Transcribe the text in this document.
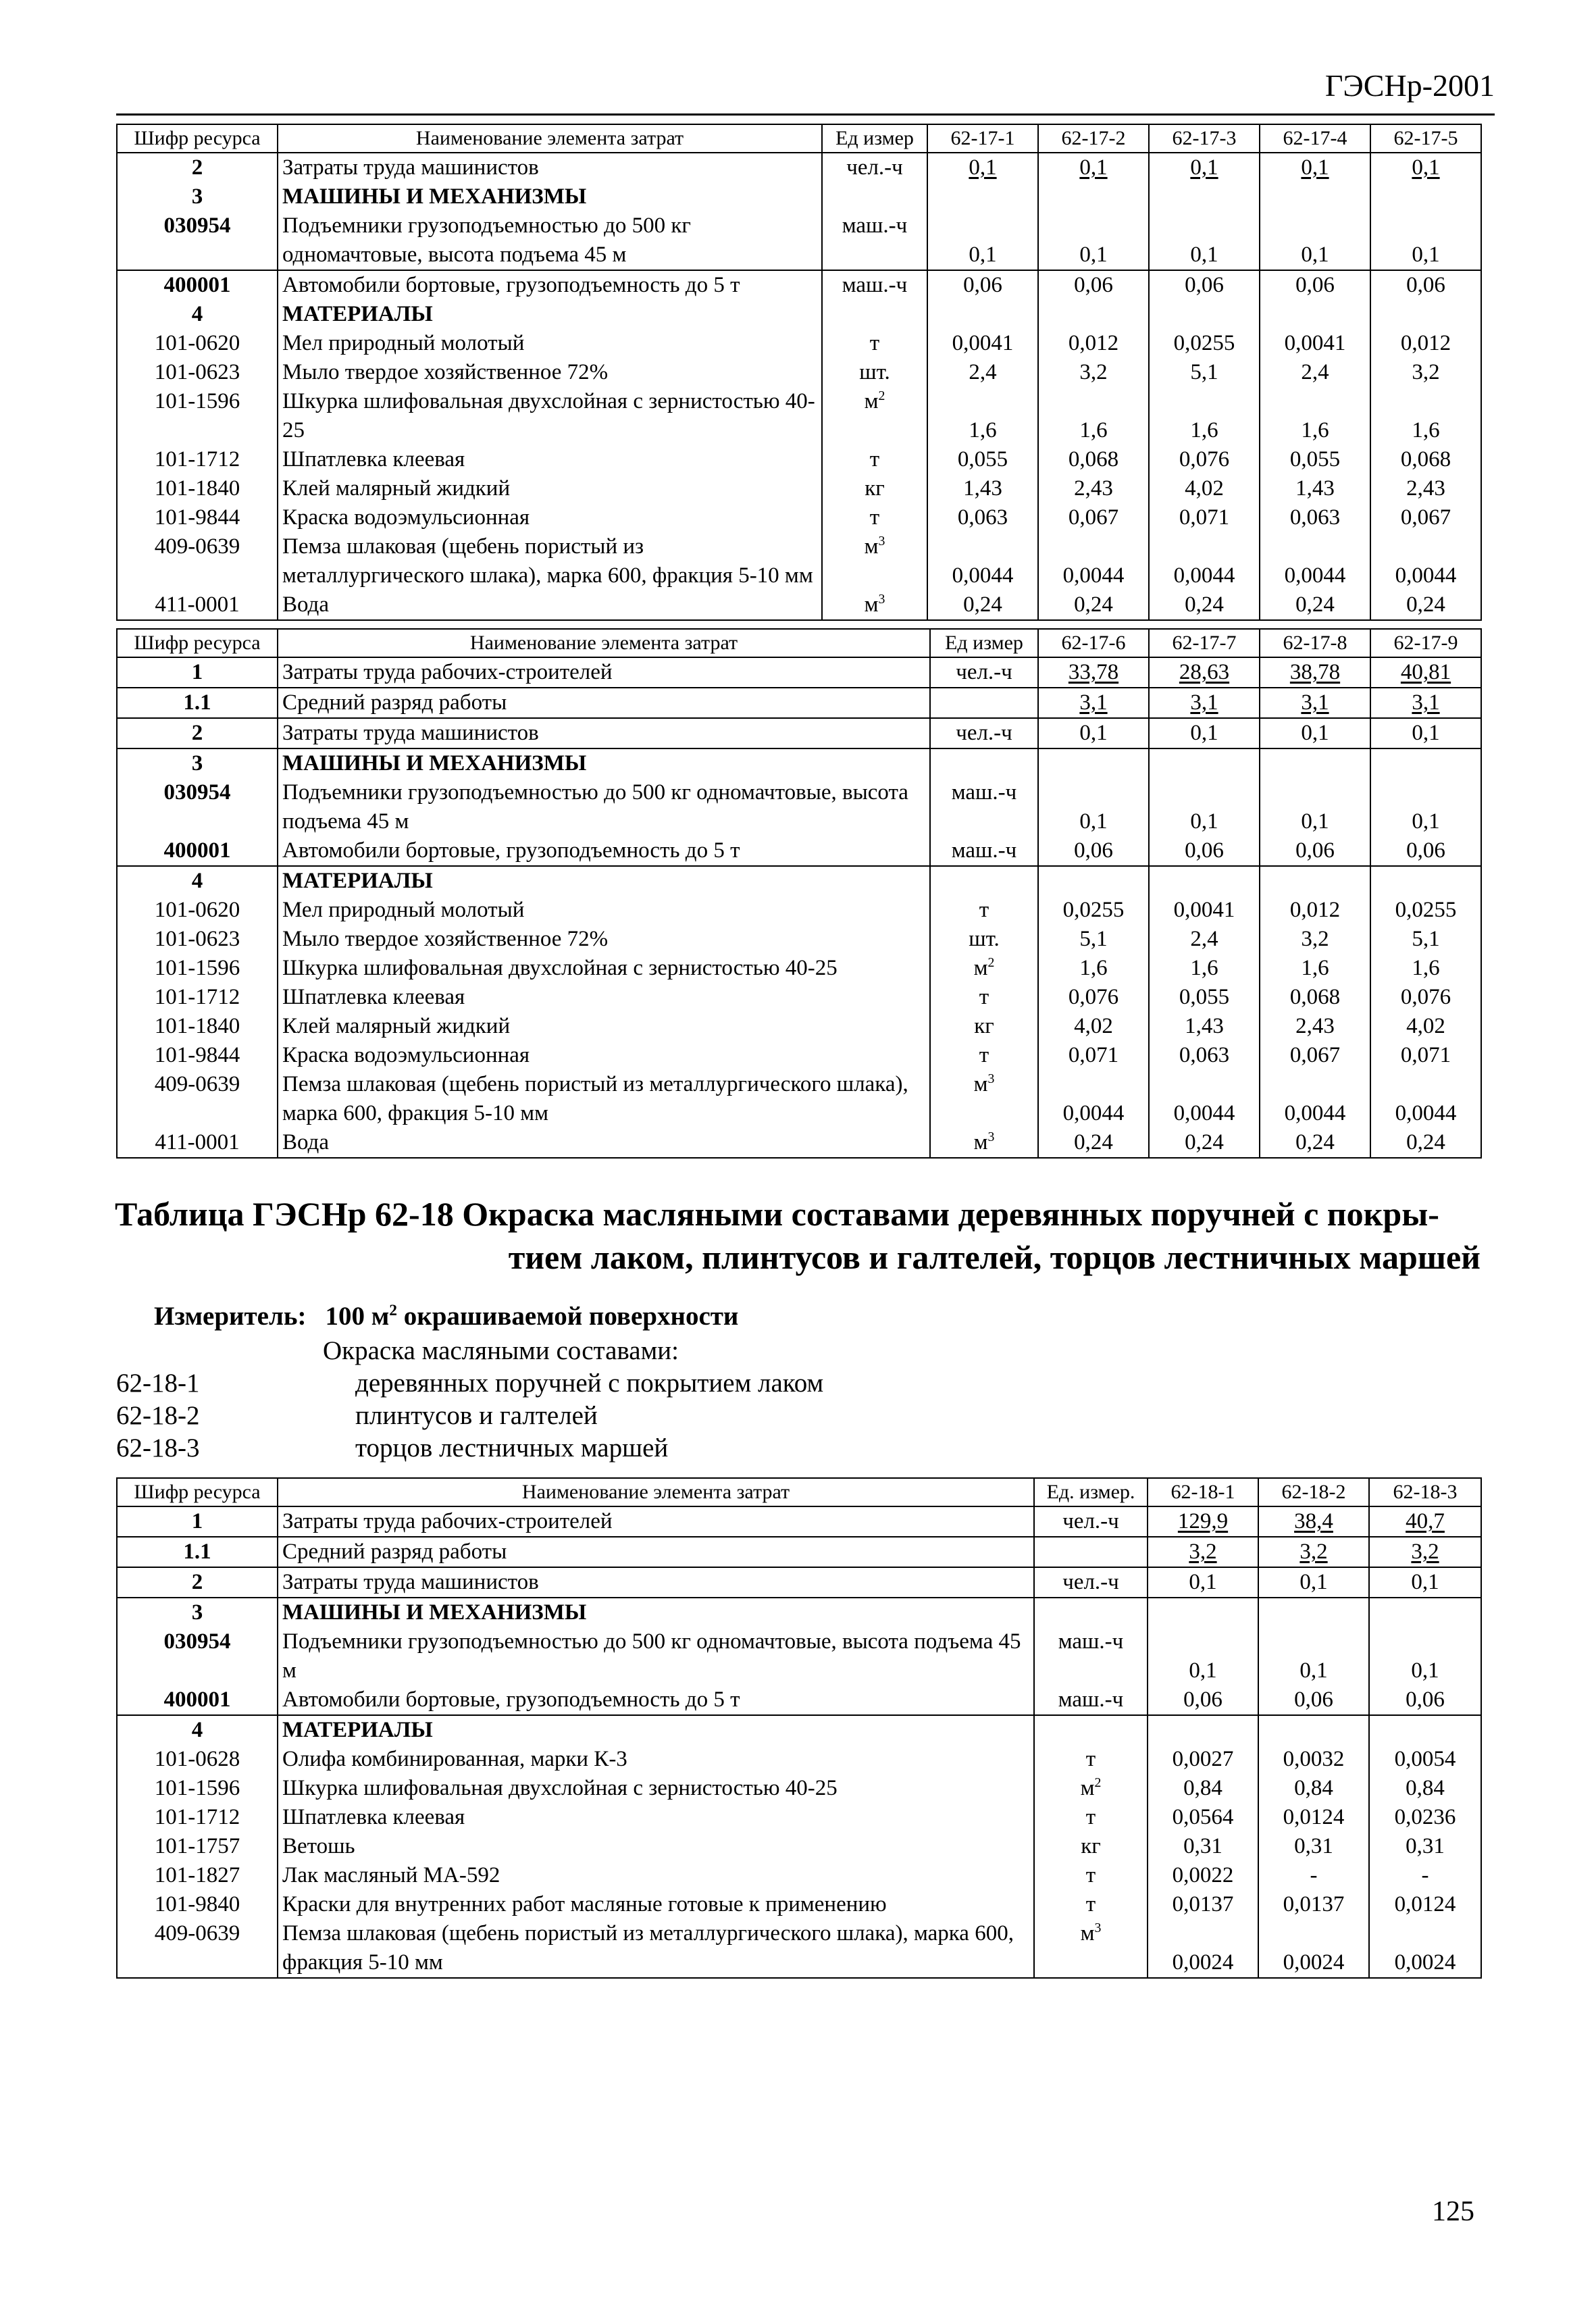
ГЭСНр-2001
Шифр ресурса	Наименование элемента затрат	Ед измер	62-17-1	62-17-2	62-17-3	62-17-4	62-17-5
2	Затраты труда машинистов	чел.-ч	0,1	0,1	0,1	0,1	0,1
3	МАШИНЫ И МЕХАНИЗМЫ						
030954	Подъемники грузоподъемностью до 500 кг одномачтовые, высота подъема 45 м	маш.-ч	0,1	0,1	0,1	0,1	0,1
400001	Автомобили бортовые, грузоподъемность до 5 т	маш.-ч	0,06	0,06	0,06	0,06	0,06
4	МАТЕРИАЛЫ						
101-0620	Мел природный молотый	т	0,0041	0,012	0,0255	0,0041	0,012
101-0623	Мыло твердое хозяйственное 72%	шт.	2,4	3,2	5,1	2,4	3,2
101-1596	Шкурка шлифовальная двухслойная с зернистостью 40-25	$м^2$	1,6	1,6	1,6	1,6	1,6
101-1712	Шпатлевка клеевая	т	0,055	0,068	0,076	0,055	0,068
101-1840	Клей малярный жидкий	кг	1,43	2,43	4,02	1,43	2,43
101-9844	Краска водоэмульсионная	т	0,063	0,067	0,071	0,063	0,067
409-0639	Пемза шлаковая (щебень пористый из металлургического шлака), марка 600, фракция 5-10 мм	$м^3$	0,0044	0,0044	0,0044	0,0044	0,0044
411-0001	Вода	$м^3$	0,24	0,24	0,24	0,24	0,24
Шифр ресурса	Наименование элемента затрат	Ед измер	62-17-6	62-17-7	62-17-8	62-17-9
1	Затраты труда рабочих-строителей	чел.-ч	33,78	28,63	38,78	40,81
1.1	Средний разряд работы		3,1	3,1	3,1	3,1
2	Затраты труда машинистов	чел.-ч	0,1	0,1	0,1	0,1
3	МАШИНЫ И МЕХАНИЗМЫ					
030954	Подъемники грузоподъемностью до 500 кг одномачтовые, высота подъема 45 м	маш.-ч	0,1	0,1	0,1	0,1
400001	Автомобили бортовые, грузоподъемность до 5 т	маш.-ч	0,06	0,06	0,06	0,06
4	МАТЕРИАЛЫ					
101-0620	Мел природный молотый	т	0,0255	0,0041	0,012	0,0255
101-0623	Мыло твердое хозяйственное 72%	шт.	5,1	2,4	3,2	5,1
101-1596	Шкурка шлифовальная двухслойная с зернистостью 40-25	$м^2$	1,6	1,6	1,6	1,6
101-1712	Шпатлевка клеевая	т	0,076	0,055	0,068	0,076
101-1840	Клей малярный жидкий	кг	4,02	1,43	2,43	4,02
101-9844	Краска водоэмульсионная	т	0,071	0,063	0,067	0,071
409-0639	Пемза шлаковая (щебень пористый из металлургического шлака), марка 600, фракция 5-10 мм	$м^3$	0,0044	0,0044	0,0044	0,0044
411-0001	Вода	$м^3$	0,24	0,24	0,24	0,24
Таблица ГЭСНр 62-18 Окраска масляными составами деревянных поручней с покры-
тием лаком, плинтусов и галтелей, торцов лестничных маршей
Измеритель: 100 $м^2$ окрашиваемой поверхности
Окраска масляными составами:
62-18-1	деревянных поручней с покрытием лаком
62-18-2	плинтусов и галтелей
62-18-3	торцов лестничных маршей
Шифр ресурса	Наименование элемента затрат	Ед. измер.	62-18-1	62-18-2	62-18-3
1	Затраты труда рабочих-строителей	чел.-ч	129,9	38,4	40,7
1.1	Средний разряд работы		3,2	3,2	3,2
2	Затраты труда машинистов	чел.-ч	0,1	0,1	0,1
3	МАШИНЫ И МЕХАНИЗМЫ				
030954	Подъемники грузоподъемностью до 500 кг одномачтовые, высота подъема 45 м	маш.-ч	0,1	0,1	0,1
400001	Автомобили бортовые, грузоподъемность до 5 т	маш.-ч	0,06	0,06	0,06
4	МАТЕРИАЛЫ				
101-0628	Олифа комбинированная, марки К-3	т	0,0027	0,0032	0,0054
101-1596	Шкурка шлифовальная двухслойная с зернистостью 40-25	$м^2$	0,84	0,84	0,84
101-1712	Шпатлевка клеевая	т	0,0564	0,0124	0,0236
101-1757	Ветошь	кг	0,31	0,31	0,31
101-1827	Лак масляный МА-592	т	0,0022	-	-
101-9840	Краски для внутренних работ масляные готовые к применению	т	0,0137	0,0137	0,0124
409-0639	Пемза шлаковая (щебень пористый из металлургического шлака), марка 600, фракция 5-10 мм	$м^3$	0,0024	0,0024	0,0024
125
